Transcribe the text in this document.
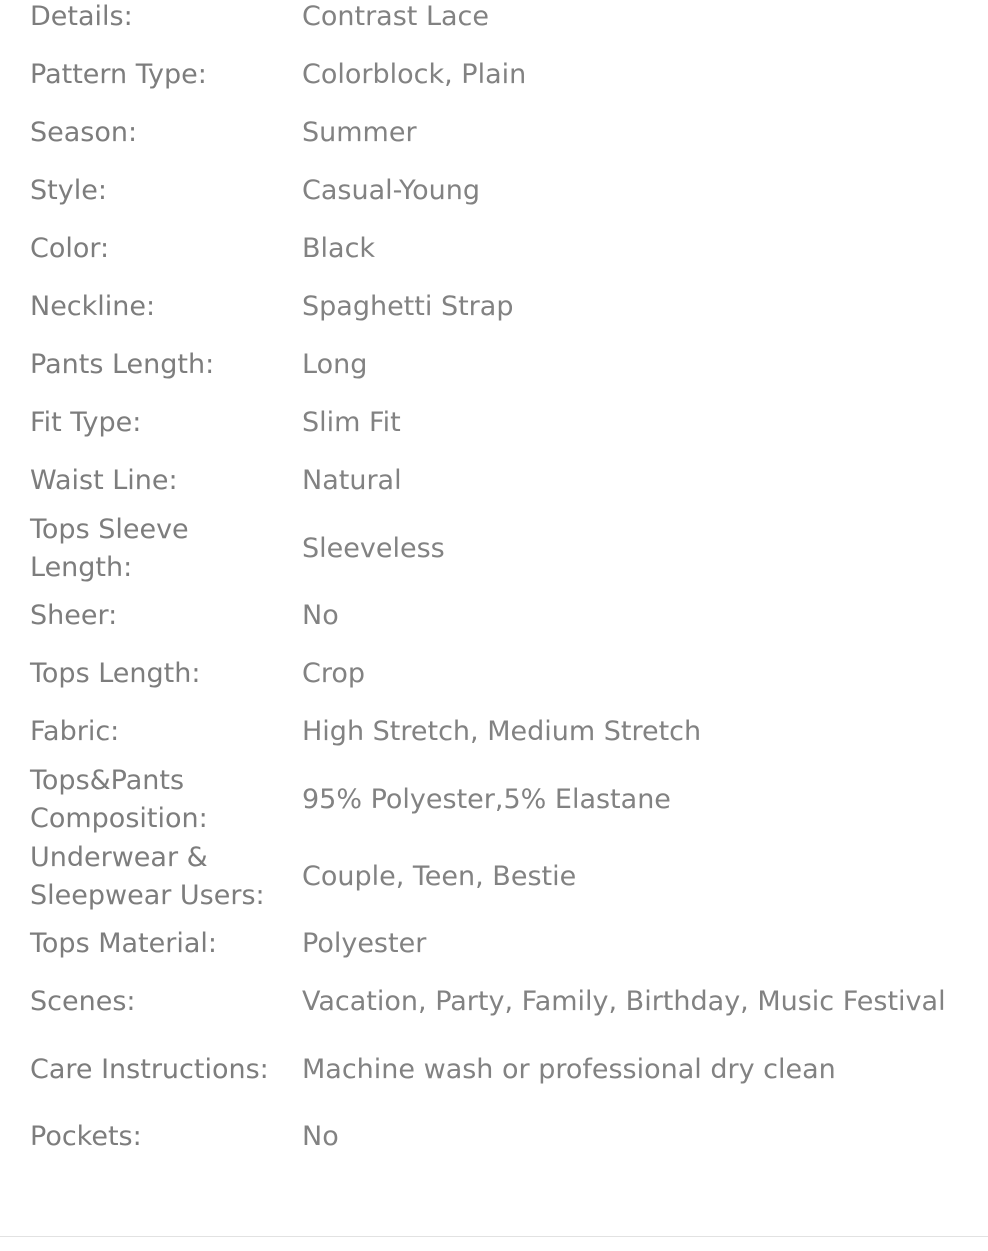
Details:	Contrast Lace
Pattern Type:	Colorblock, Plain
Season:	Summer
Style:	Casual-Young
Color:	Black
Neckline:	Spaghetti Strap
Pants Length:	Long
Fit Type:	Slim Fit
Waist Line:	Natural
Tops Sleeve Length:
Sleeveless
Sheer:	No
Tops Length:	Crop
Fabric:	High Stretch, Medium Stretch
Tops&Pants Composition:
95% Polyester,5% Elastane
Underwear & Sleepwear Users:
Couple, Teen, Bestie
Tops Material:	Polyester
Scenes:	Vacation, Party, Family, Birthday, Music Festival
Care Instructions:	Machine wash or professional dry clean
Pockets:	No
